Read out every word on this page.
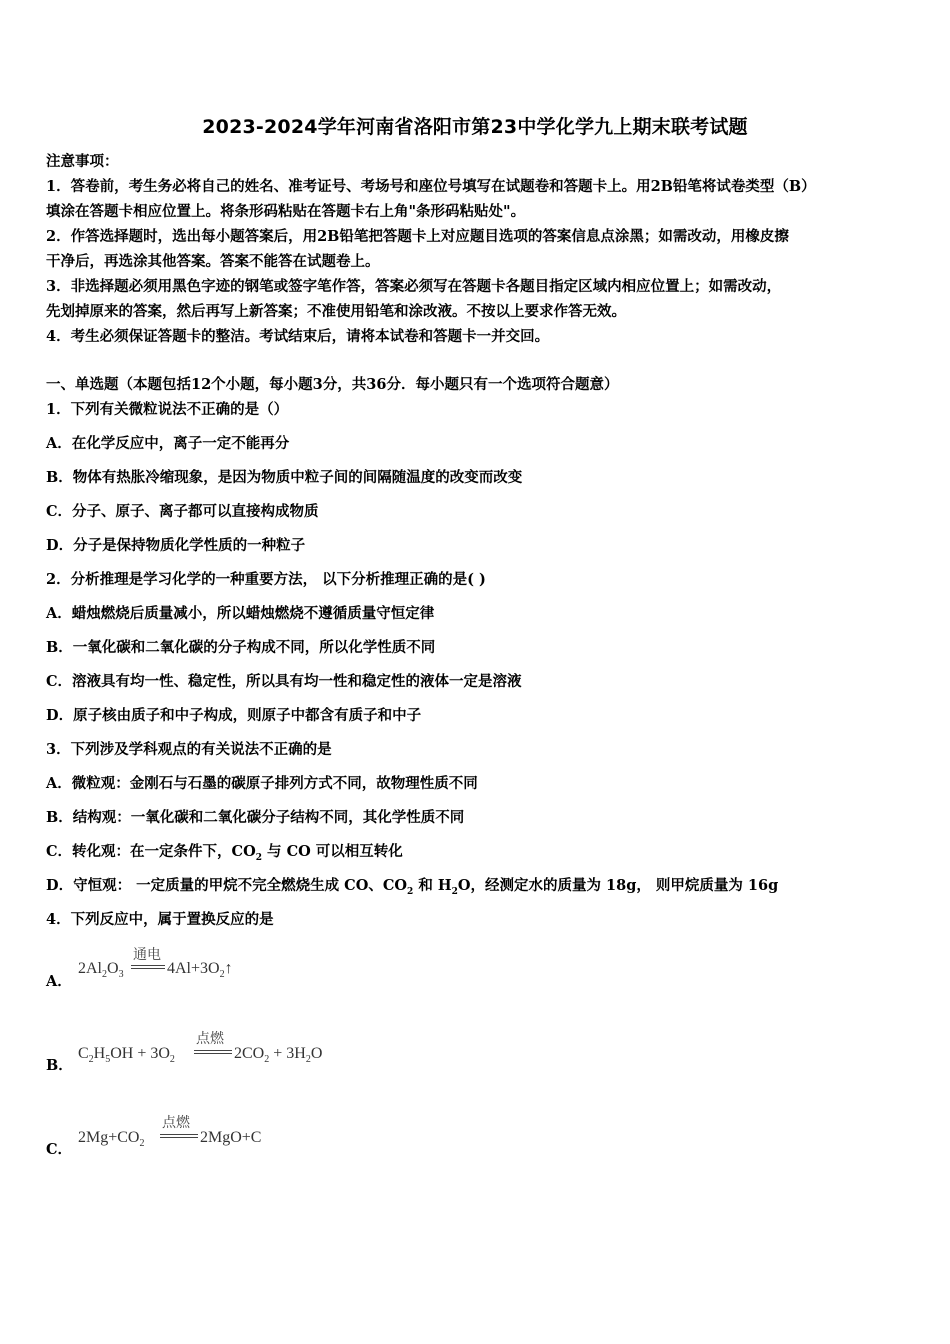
2023-2024学年河南省洛阳市第23中学化学九上期末联考试题
注意事项：
1．答卷前，考生务必将自己的姓名、准考证号、考场号和座位号填写在试题卷和答题卡上。用2B铅笔将试卷类型（B）
填涂在答题卡相应位置上。将条形码粘贴在答题卡右上角"条形码粘贴处"。
2．作答选择题时，选出每小题答案后，用2B铅笔把答题卡上对应题目选项的答案信息点涂黑；如需改动，用橡皮擦
干净后，再选涂其他答案。答案不能答在试题卷上。
3．非选择题必须用黑色字迹的钢笔或签字笔作答，答案必须写在答题卡各题目指定区域内相应位置上；如需改动，
先划掉原来的答案，然后再写上新答案；不准使用铅笔和涂改液。不按以上要求作答无效。
4．考生必须保证答题卡的整洁。考试结束后，请将本试卷和答题卡一并交回。
一、单选题（本题包括12个小题，每小题3分，共36分．每小题只有一个选项符合题意）
1．下列有关微粒说法不正确的是（）
A．在化学反应中，离子一定不能再分
B．物体有热胀冷缩现象，是因为物质中粒子间的间隔随温度的改变而改变
C．分子、原子、离子都可以直接构成物质
D．分子是保持物质化学性质的一种粒子
2．分析推理是学习化学的一种重要方法， 以下分析推理正确的是( )
A．蜡烛燃烧后质量减小，所以蜡烛燃烧不遵循质量守恒定律
B．一氧化碳和二氧化碳的分子构成不同，所以化学性质不同
C．溶液具有均一性、稳定性，所以具有均一性和稳定性的液体一定是溶液
D．原子核由质子和中子构成，则原子中都含有质子和中子
3．下列涉及学科观点的有关说法不正确的是
A．微粒观：金刚石与石墨的碳原子排列方式不同，故物理性质不同
B．结构观：一氧化碳和二氧化碳分子结构不同，其化学性质不同
C．转化观：在一定条件下，$CO_2$ 与 CO 可以相互转化
D．守恒观： 一定质量的甲烷不完全燃烧生成 CO、$CO_2$ 和 $H_2O$，经测定水的质量为 18g， 则甲烷质量为 16g
4．下列反应中，属于置换反应的是
A．
$2Al_2O_3$
通电
$4Al+3O_2↑$
B．
$C_2H_5OH + 3O_2$
点燃
$2CO_2 + 3H_2O$
C．
$2Mg+CO_2$
点燃
2MgO+C
